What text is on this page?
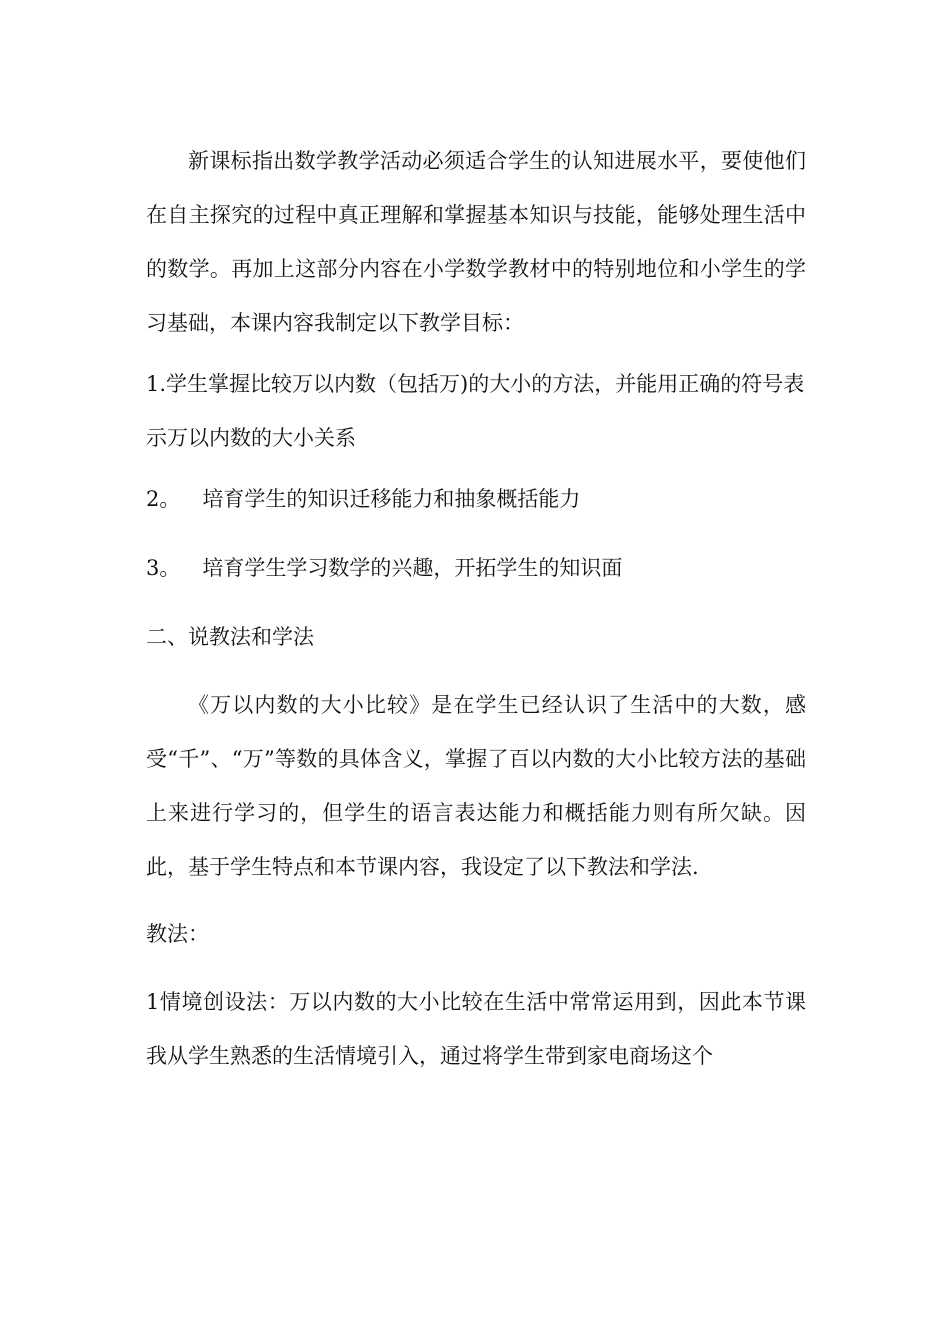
新课标指出数学教学活动必须适合学生的认知进展水平，要使他们在自主探究的过程中真正理解和掌握基本知识与技能，能够处理生活中的数学。再加上这部分内容在小学数学教材中的特别地位和小学生的学习基础，本课内容我制定以下教学目标：

1.学生掌握比较万以内数（包括万)的大小的方法，并能用正确的符号表示万以内数的大小关系

2。 培育学生的知识迁移能力和抽象概括能力

3。 培育学生学习数学的兴趣，开拓学生的知识面

二、说教法和学法

《万以内数的大小比较》是在学生已经认识了生活中的大数，感受“千”、“万”等数的具体含义，掌握了百以内数的大小比较方法的基础上来进行学习的，但学生的语言表达能力和概括能力则有所欠缺。因此，基于学生特点和本节课内容，我设定了以下教法和学法.

教法：

1情境创设法：万以内数的大小比较在生活中常常运用到，因此本节课我从学生熟悉的生活情境引入，通过将学生带到家电商场这个
